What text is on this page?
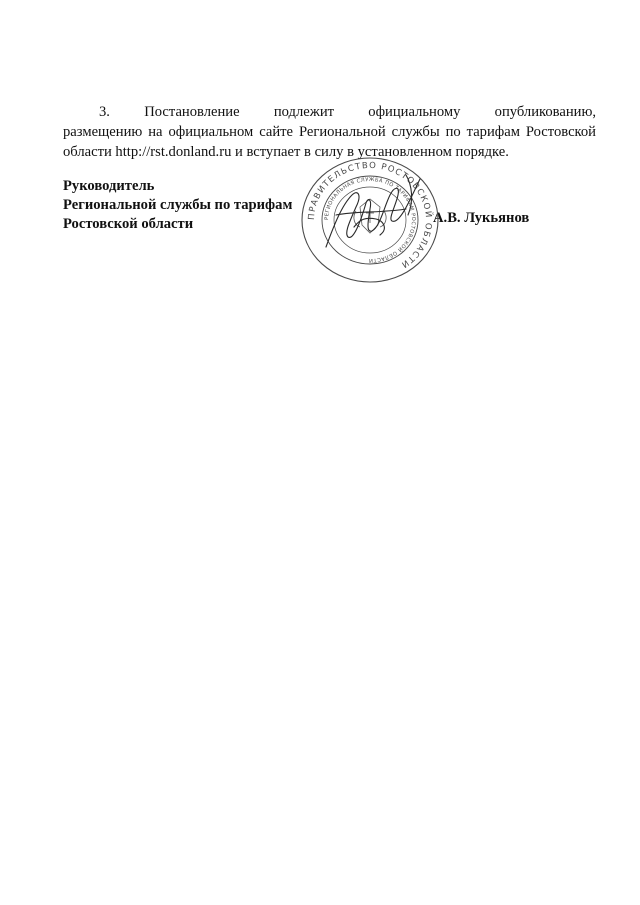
3. Постановление подлежит официальному опубликованию,
размещению на официальном сайте Региональной службы по тарифам Ростовской области http://rst.donland.ru и вступает в силу в установленном порядке.
Руководитель
Региональной службы по тарифам
Ростовской области	А.В. Лукьянов
ПРАВИТЕЛЬСТВО РОСТОВСКОЙ ОБЛАСТИ
РЕГИОНАЛЬНАЯ СЛУЖБА ПО ТАРИФАМ РОСТОВСКОЙ ОБЛАСТИ
